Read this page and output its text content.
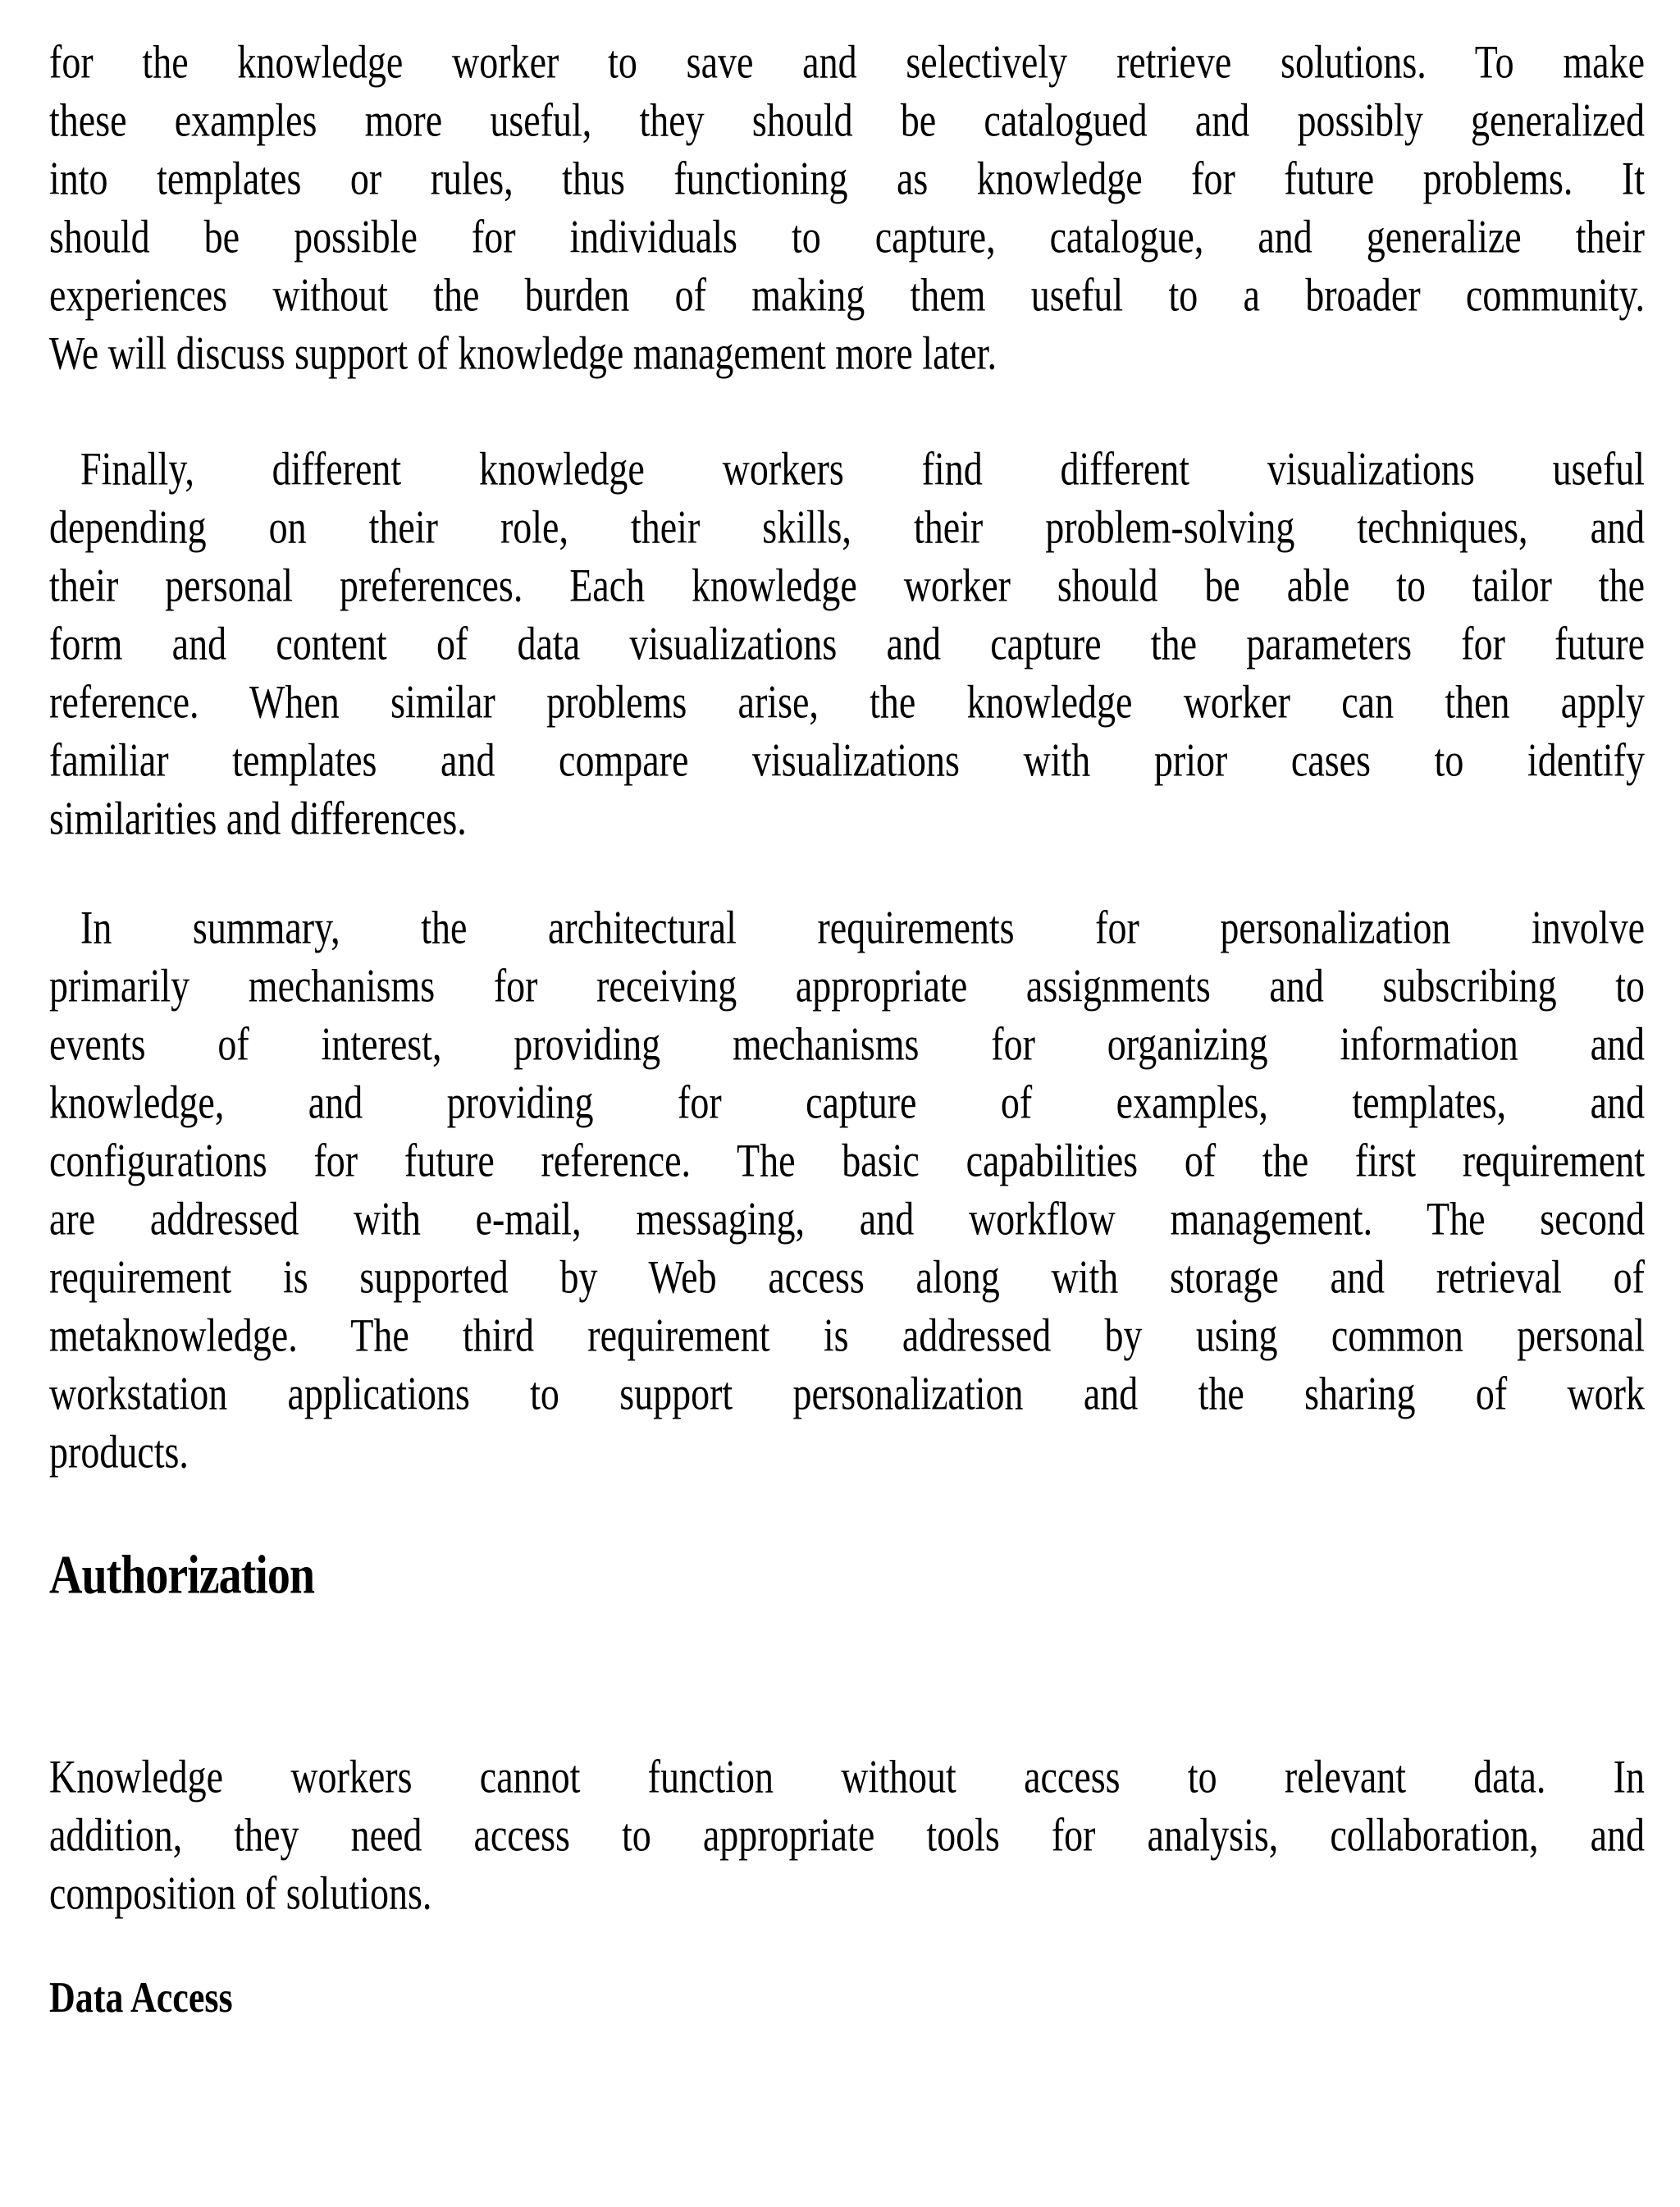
for the knowledge worker to save and selectively retrieve solutions. To make
these examples more useful, they should be catalogued and possibly generalized
into templates or rules, thus functioning as knowledge for future problems. It
should be possible for individuals to capture, catalogue, and generalize their
experiences without the burden of making them useful to a broader community.
We will discuss support of knowledge management more later.
Finally, different knowledge workers find different visualizations useful
depending on their role, their skills, their problem-solving techniques, and
their personal preferences. Each knowledge worker should be able to tailor the
form and content of data visualizations and capture the parameters for future
reference. When similar problems arise, the knowledge worker can then apply
familiar templates and compare visualizations with prior cases to identify
similarities and differences.
In summary, the architectural requirements for personalization involve
primarily mechanisms for receiving appropriate assignments and subscribing to
events of interest, providing mechanisms for organizing information and
knowledge, and providing for capture of examples, templates, and
configurations for future reference. The basic capabilities of the first requirement
are addressed with e-mail, messaging, and workflow management. The second
requirement is supported by Web access along with storage and retrieval of
metaknowledge. The third requirement is addressed by using common personal
workstation applications to support personalization and the sharing of work
products.
Authorization
Knowledge workers cannot function without access to relevant data. In
addition, they need access to appropriate tools for analysis, collaboration, and
composition of solutions.
Data Access
